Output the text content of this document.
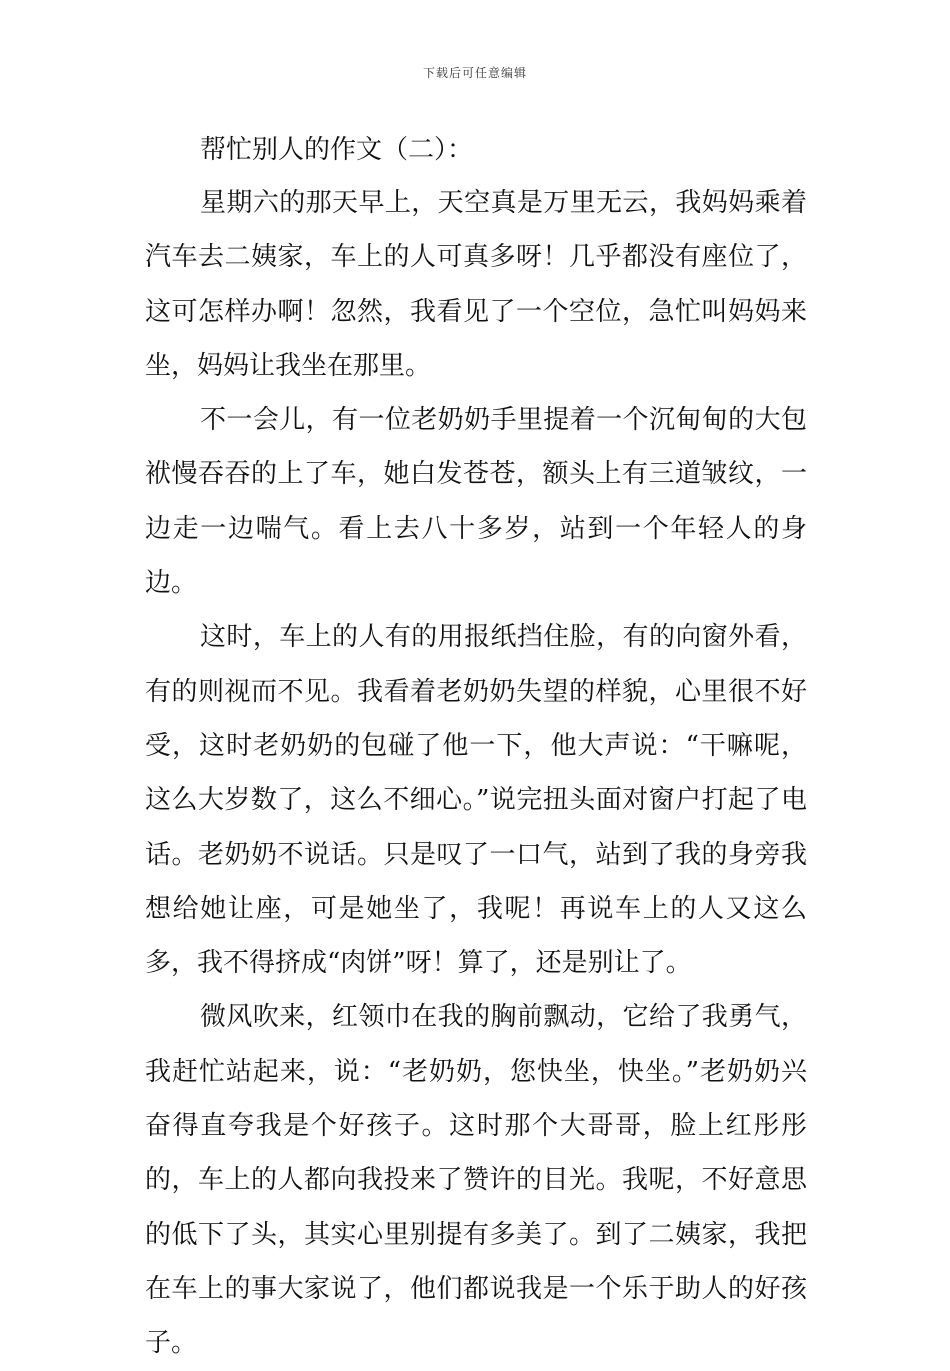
下载后可任意编辑
帮忙别人的作文（二）：

星期六的那天早上，天空真是万里无云，我妈妈乘着汽车去二姨家，车上的人可真多呀！几乎都没有座位了，这可怎样办啊！忽然，我看见了一个空位，急忙叫妈妈来坐，妈妈让我坐在那里。

不一会儿，有一位老奶奶手里提着一个沉甸甸的大包袱慢吞吞的上了车，她白发苍苍，额头上有三道皱纹，一边走一边喘气。看上去八十多岁，站到一个年轻人的身边。

这时，车上的人有的用报纸挡住脸，有的向窗外看，有的则视而不见。我看着老奶奶失望的样貌，心里很不好受，这时老奶奶的包碰了他一下，他大声说：“干嘛呢，这么大岁数了，这么不细心。”说完扭头面对窗户打起了电话。老奶奶不说话。只是叹了一口气，站到了我的身旁我想给她让座，可是她坐了，我呢！再说车上的人又这么多，我不得挤成“肉饼”呀！算了，还是别让了。

微风吹来，红领巾在我的胸前飘动，它给了我勇气，我赶忙站起来，说：“老奶奶，您快坐，快坐。”老奶奶兴奋得直夸我是个好孩子。这时那个大哥哥，脸上红彤彤的，车上的人都向我投来了赞许的目光。我呢，不好意思的低下了头，其实心里别提有多美了。到了二姨家，我把在车上的事大家说了，他们都说我是一个乐于助人的好孩子。
